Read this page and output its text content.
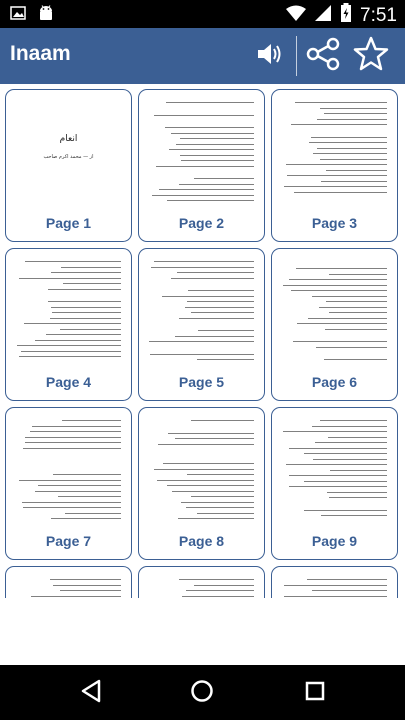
7:51
Inaam
انعام
از — محمد اکرم صاحب
Page 1	Page 2	Page 3
Page 4	Page 5	Page 6
Page 7	Page 8	Page 9
